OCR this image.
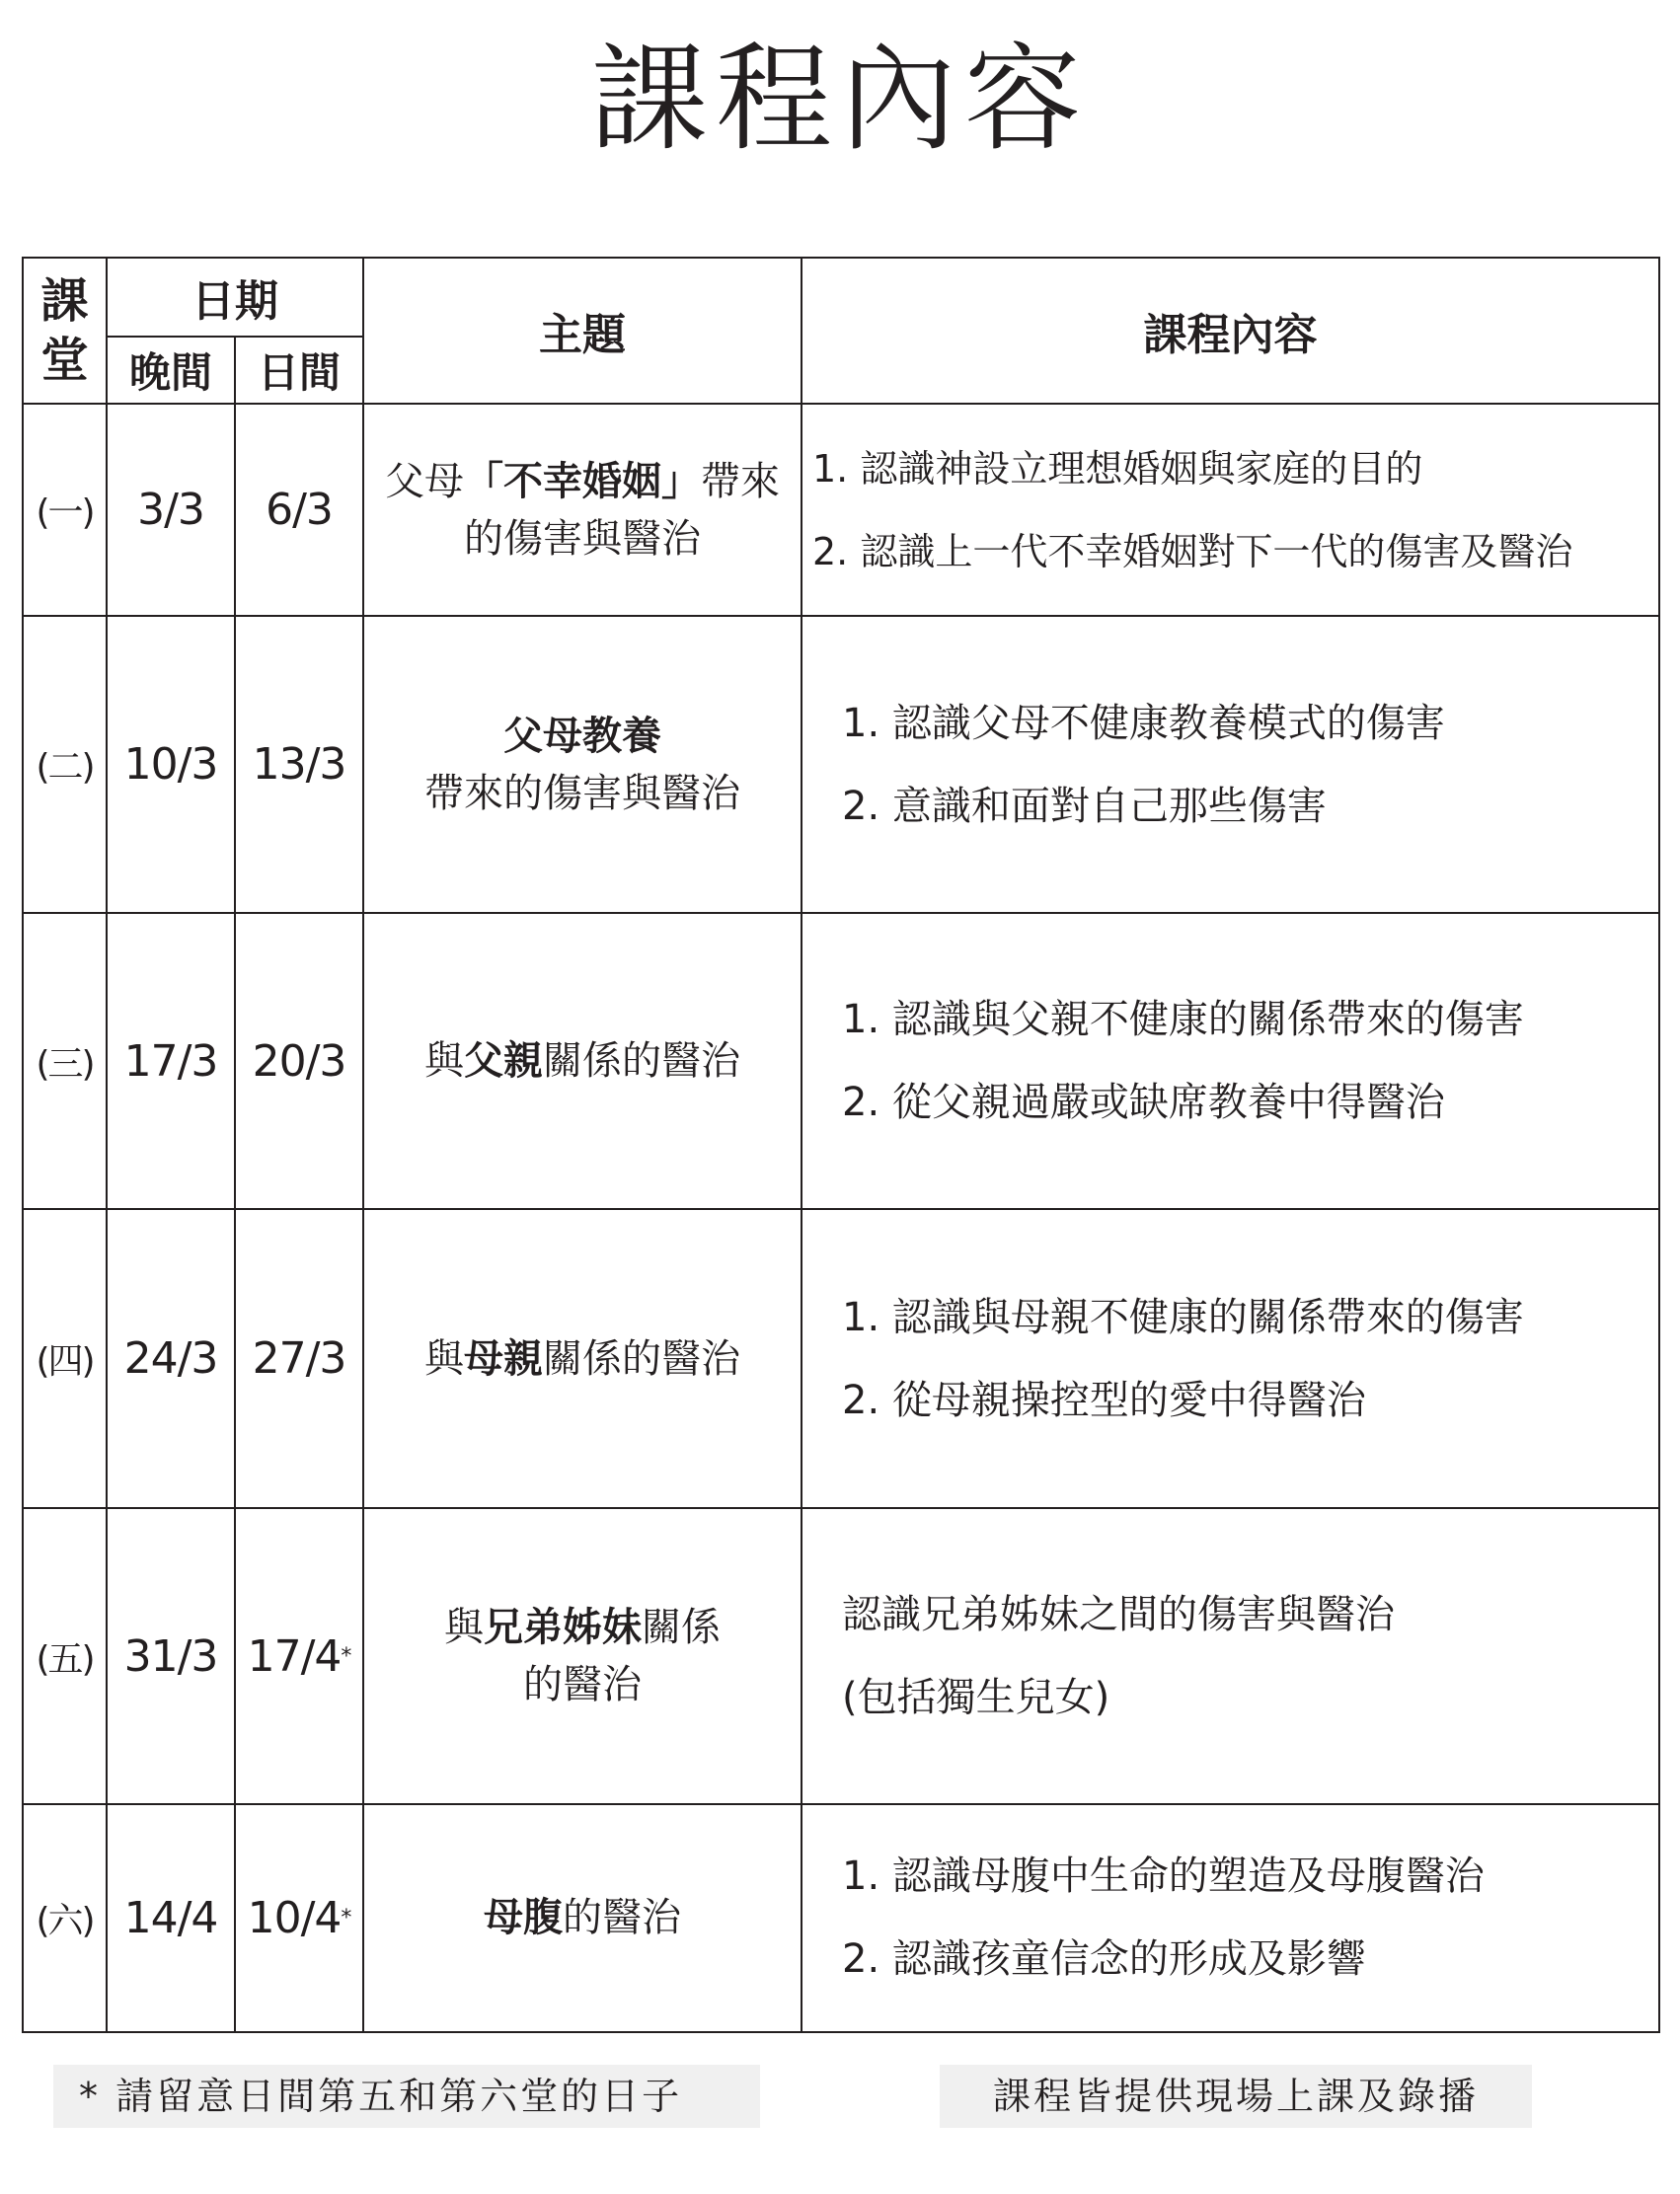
課程內容
課堂	日期		主題	課程內容
	晚間	日間		
(一)	3/3	6/3	父母「不幸婚姻」帶來
的傷害與醫治	1. 認識神設立理想婚姻與家庭的目的
2. 認識上一代不幸婚姻對下一代的傷害及醫治

(二)	10/3	13/3	父母教養
帶來的傷害與醫治	1. 認識父母不健康教養模式的傷害
2. 意識和面對自己那些傷害

(三)	17/3	20/3	與父親關係的醫治	1. 認識與父親不健康的關係帶來的傷害
2. 從父親過嚴或缺席教養中得醫治

(四)	24/3	27/3	與母親關係的醫治	1. 認識與母親不健康的關係帶來的傷害
2. 從母親操控型的愛中得醫治

(五)	31/3	17/4*	與兄弟姊妹關係
的醫治	認識兄弟姊妹之間的傷害與醫治
(包括獨生兒女)

(六)	14/4	10/4*	母腹的醫治	1. 認識母腹中生命的塑造及母腹醫治
2. 認識孩童信念的形成及影響
* 請留意日間第五和第六堂的日子	課程皆提供現場上課及錄播
